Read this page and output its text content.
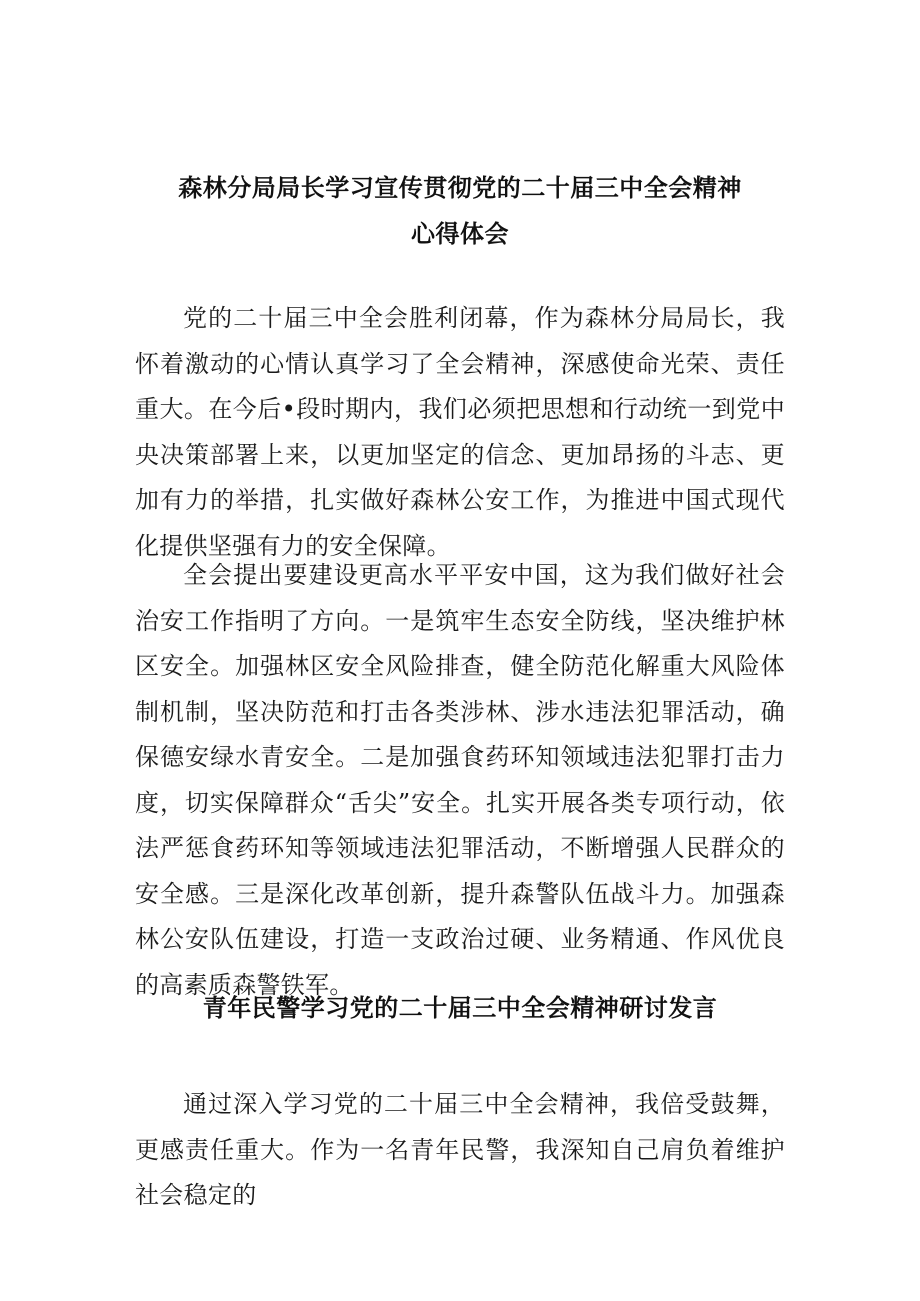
森林分局局长学习宣传贯彻党的二十届三中全会精神
心得体会
党的二十届三中全会胜利闭幕，作为森林分局局长，我怀着激动的心情认真学习了全会精神，深感使命光荣、责任重大。在今后•段时期内，我们必须把思想和行动统一到党中央决策部署上来，以更加坚定的信念、更加昂扬的斗志、更加有力的举措，扎实做好森林公安工作，为推进中国式现代化提供坚强有力的安全保障。
全会提出要建设更高水平平安中国，这为我们做好社会治安工作指明了方向。一是筑牢生态安全防线，坚决维护林区安全。加强林区安全风险排查，健全防范化解重大风险体制机制，坚决防范和打击各类涉林、涉水违法犯罪活动，确保德安绿水青安全。二是加强食药环知领域违法犯罪打击力度，切实保障群众“舌尖”安全。扎实开展各类专项行动，依法严惩食药环知等领域违法犯罪活动，不断增强人民群众的安全感。三是深化改革创新，提升森警队伍战斗力。加强森林公安队伍建设，打造一支政治过硬、业务精通、作风优良的高素质森警铁军。
青年民警学习党的二十届三中全会精神研讨发言
通过深入学习党的二十届三中全会精神，我倍受鼓舞，更感责任重大。作为一名青年民警，我深知自己肩负着维护社会稳定的
